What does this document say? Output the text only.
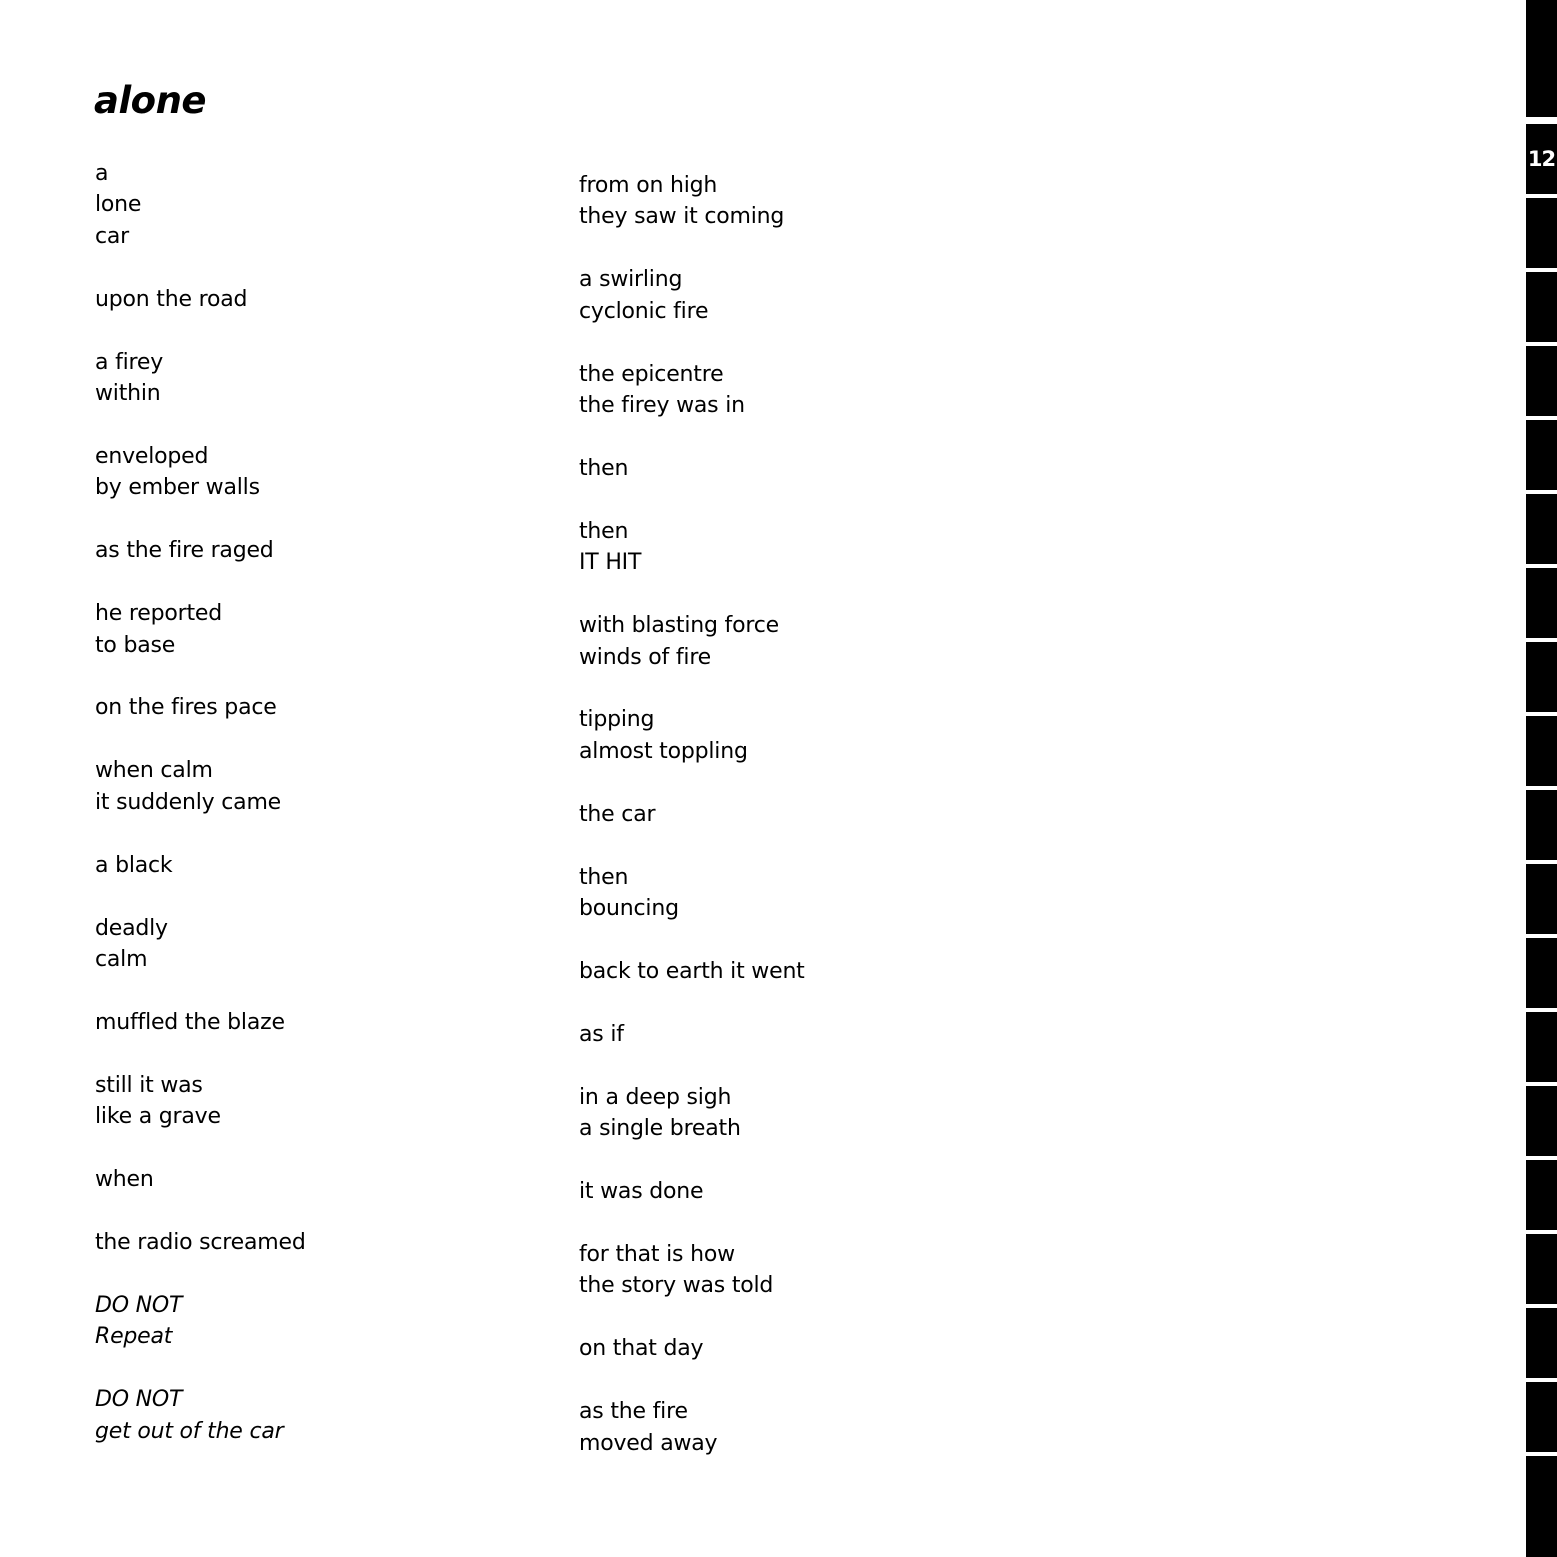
alone
a
lone
car
upon the road
a firey
within
enveloped
by ember walls
as the fire raged
he reported
to base
on the fires pace
when calm
it suddenly came
a black
deadly
calm
muffled the blaze
still it was
like a grave
when
the radio screamed
DO NOT
Repeat
DO NOT
get out of the car
from on high
they saw it coming
a swirling
cyclonic fire
the epicentre
the firey was in
then
then
IT HIT
with blasting force
winds of fire
tipping
almost toppling
the car
then
bouncing
back to earth it went
as if
in a deep sigh
a single breath
it was done
for that is how
the story was told
on that day
as the fire
moved away
12
